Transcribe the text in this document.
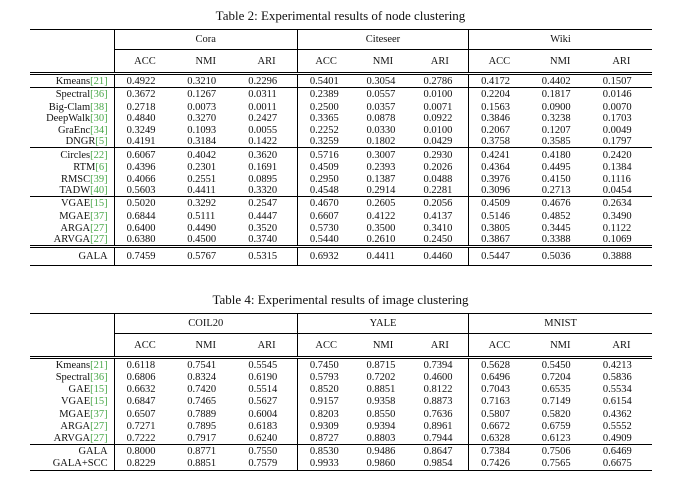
Table 2: Experimental results of node clustering
	Cora			Citeseer			Wiki		
	ACC	NMI	ARI	ACC	NMI	ARI	ACC	NMI	ARI
Kmeans[21]	0.4922	0.3210	0.2296	0.5401	0.3054	0.2786	0.4172	0.4402	0.1507
Spectral[36]	0.3672	0.1267	0.0311	0.2389	0.0557	0.0100	0.2204	0.1817	0.0146
Big-Clam[38]	0.2718	0.0073	0.0011	0.2500	0.0357	0.0071	0.1563	0.0900	0.0070
DeepWalk[30]	0.4840	0.3270	0.2427	0.3365	0.0878	0.0922	0.3846	0.3238	0.1703
GraEnc[34]	0.3249	0.1093	0.0055	0.2252	0.0330	0.0100	0.2067	0.1207	0.0049
DNGR[5]	0.4191	0.3184	0.1422	0.3259	0.1802	0.0429	0.3758	0.3585	0.1797
Circles[22]	0.6067	0.4042	0.3620	0.5716	0.3007	0.2930	0.4241	0.4180	0.2420
RTM[6]	0.4396	0.2301	0.1691	0.4509	0.2393	0.2026	0.4364	0.4495	0.1384
RMSC[39]	0.4066	0.2551	0.0895	0.2950	0.1387	0.0488	0.3976	0.4150	0.1116
TADW[40]	0.5603	0.4411	0.3320	0.4548	0.2914	0.2281	0.3096	0.2713	0.0454
VGAE[15]	0.5020	0.3292	0.2547	0.4670	0.2605	0.2056	0.4509	0.4676	0.2634
MGAE[37]	0.6844	0.5111	0.4447	0.6607	0.4122	0.4137	0.5146	0.4852	0.3490
ARGA[27]	0.6400	0.4490	0.3520	0.5730	0.3500	0.3410	0.3805	0.3445	0.1122
ARVGA[27]	0.6380	0.4500	0.3740	0.5440	0.2610	0.2450	0.3867	0.3388	0.1069
GALA	0.7459	0.5767	0.5315	0.6932	0.4411	0.4460	0.5447	0.5036	0.3888
Table 4: Experimental results of image clustering
	COIL20			YALE			MNIST		
	ACC	NMI	ARI	ACC	NMI	ARI	ACC	NMI	ARI
Kmeans[21]	0.6118	0.7541	0.5545	0.7450	0.8715	0.7394	0.5628	0.5450	0.4213
Spectral[36]	0.6806	0.8324	0.6190	0.5793	0.7202	0.4600	0.6496	0.7204	0.5836
GAE[15]	0.6632	0.7420	0.5514	0.8520	0.8851	0.8122	0.7043	0.6535	0.5534
VGAE[15]	0.6847	0.7465	0.5627	0.9157	0.9358	0.8873	0.7163	0.7149	0.6154
MGAE[37]	0.6507	0.7889	0.6004	0.8203	0.8550	0.7636	0.5807	0.5820	0.4362
ARGA[27]	0.7271	0.7895	0.6183	0.9309	0.9394	0.8961	0.6672	0.6759	0.5552
ARVGA[27]	0.7222	0.7917	0.6240	0.8727	0.8803	0.7944	0.6328	0.6123	0.4909
GALA	0.8000	0.8771	0.7550	0.8530	0.9486	0.8647	0.7384	0.7506	0.6469
GALA+SCC	0.8229	0.8851	0.7579	0.9933	0.9860	0.9854	0.7426	0.7565	0.6675
